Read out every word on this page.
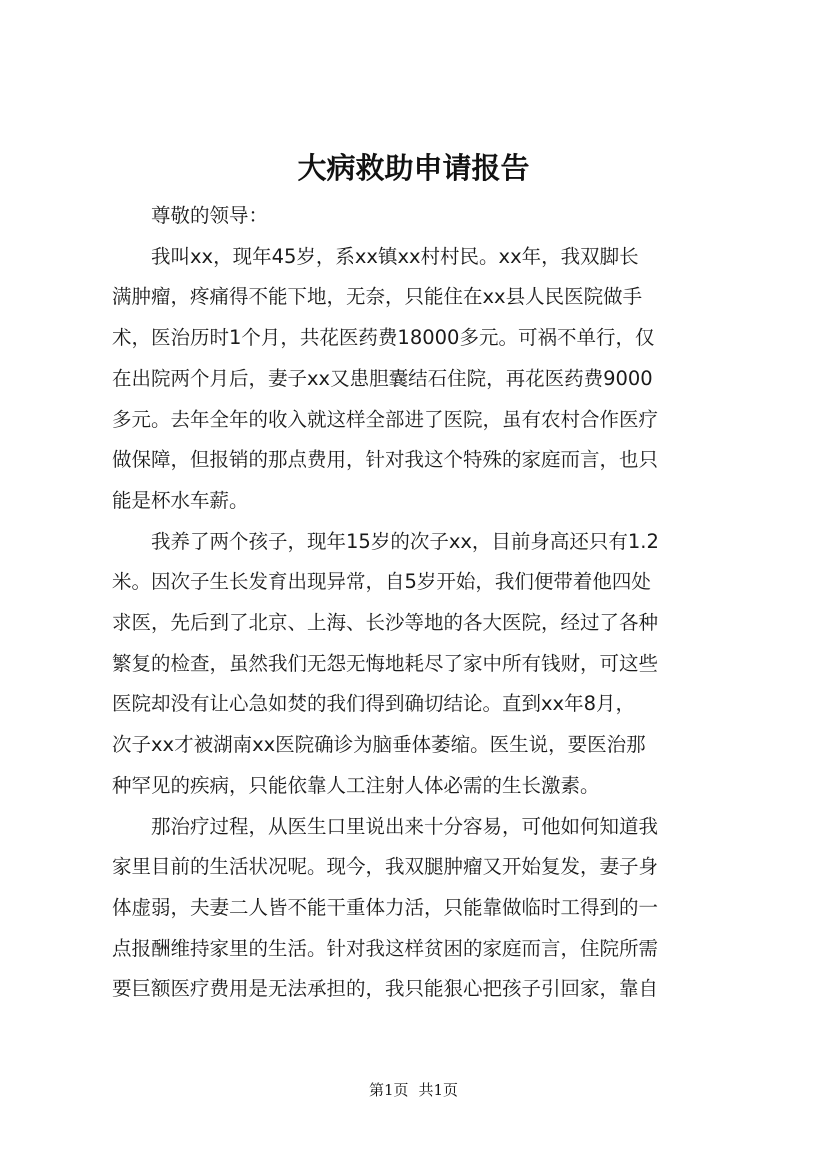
大病救助申请报告

尊敬的领导：

我叫xx，现年45岁，系xx镇xx村村民。xx年，我双脚长
满肿瘤，疼痛得不能下地，无奈，只能住在xx县人民医院做手
术，医治历时1个月，共花医药费18000多元。可祸不单行，仅
在出院两个月后，妻子xx又患胆囊结石住院，再花医药费9000
多元。去年全年的收入就这样全部进了医院，虽有农村合作医疗
做保障，但报销的那点费用，针对我这个特殊的家庭而言，也只
能是杯水车薪。
我养了两个孩子，现年15岁的次子xx，目前身高还只有1.2
米。因次子生长发育出现异常，自5岁开始，我们便带着他四处
求医，先后到了北京、上海、长沙等地的各大医院，经过了各种
繁复的检查，虽然我们无怨无悔地耗尽了家中所有钱财，可这些
医院却没有让心急如焚的我们得到确切结论。直到xx年8月，
次子xx才被湖南xx医院确诊为脑垂体萎缩。医生说，要医治那
种罕见的疾病，只能依靠人工注射人体必需的生长激素。
那治疗过程，从医生口里说出来十分容易，可他如何知道我
家里目前的生活状况呢。现今，我双腿肿瘤又开始复发，妻子身
体虚弱，夫妻二人皆不能干重体力活，只能靠做临时工得到的一
点报酬维持家里的生活。针对我这样贫困的家庭而言，住院所需
要巨额医疗费用是无法承担的，我只能狠心把孩子引回家，靠自
第1页 共1页
